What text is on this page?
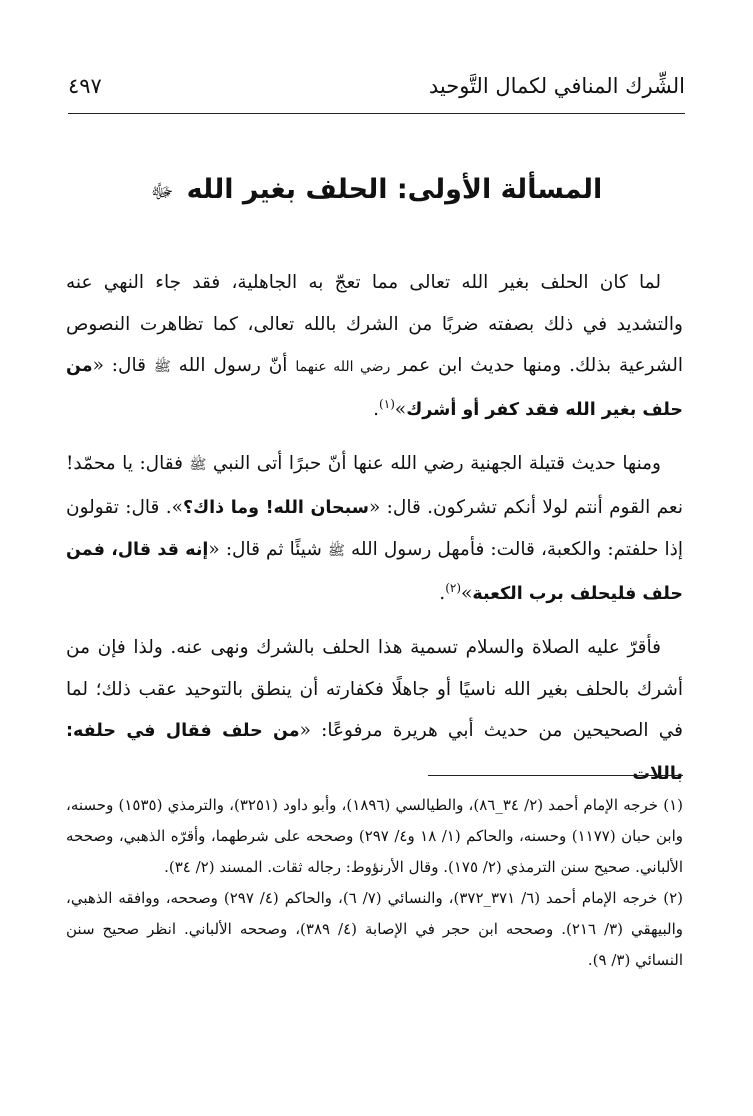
الشِّرك المنافي لكمال التَّوحيد
٤٩٧
المسألة الأولى: الحلف بغير الله ﷻ

لما كان الحلف بغير الله تعالى مما تعجّ به الجاهلية، فقد جاء النهي عنه والتشديد في ذلك بصفته ضربًا من الشرك بالله تعالى، كما تظاهرت النصوص الشرعية بذلك. ومنها حديث ابن عمر رضي الله عنهما أنّ رسول الله ﷺ قال: «من حلف بغير الله فقد كفر أو أشرك»$^{(١)}$.

ومنها حديث قتيلة الجهنية رضي الله عنها أنّ حبرًا أتى النبي ﷺ فقال: يا محمّد! نعم القوم أنتم لولا أنكم تشركون. قال: «سبحان الله! وما ذاك؟». قال: تقولون إذا حلفتم: والكعبة، قالت: فأمهل رسول الله ﷺ شيئًا ثم قال: «إنه قد قال، فمن حلف فليحلف برب الكعبة»$^{(٢)}$.

فأقرّ عليه الصلاة والسلام تسمية هذا الحلف بالشرك ونهى عنه. ولذا فإن من أشرك بالحلف بغير الله ناسيًا أو جاهلًا فكفارته أن ينطق بالتوحيد عقب ذلك؛ لما في الصحيحين من حديث أبي هريرة مرفوعًا: «من حلف فقال في حلفه: باللات

(١) خرجه الإمام أحمد (٢/ ٣٤_٨٦)، والطيالسي (١٨٩٦)، وأبو داود (٣٢٥١)، والترمذي (١٥٣٥) وحسنه، وابن حبان (١١٧٧) وحسنه، والحاكم (١/ ١٨ و٤/ ٢٩٧) وصححه على شرطهما، وأقرّه الذهبي، وصححه الألباني. صحيح سنن الترمذي (٢/ ١٧٥). وقال الأرنؤوط: رجاله ثقات. المسند (٢/ ٣٤).

(٢) خرجه الإمام أحمد (٦/ ٣٧١_٣٧٢)، والنسائي (٧/ ٦)، والحاكم (٤/ ٢٩٧) وصححه، ووافقه الذهبي، والبيهقي (٣/ ٢١٦). وصححه ابن حجر في الإصابة (٤/ ٣٨٩)، وصححه الألباني. انظر صحيح سنن النسائي (٣/ ٩).
